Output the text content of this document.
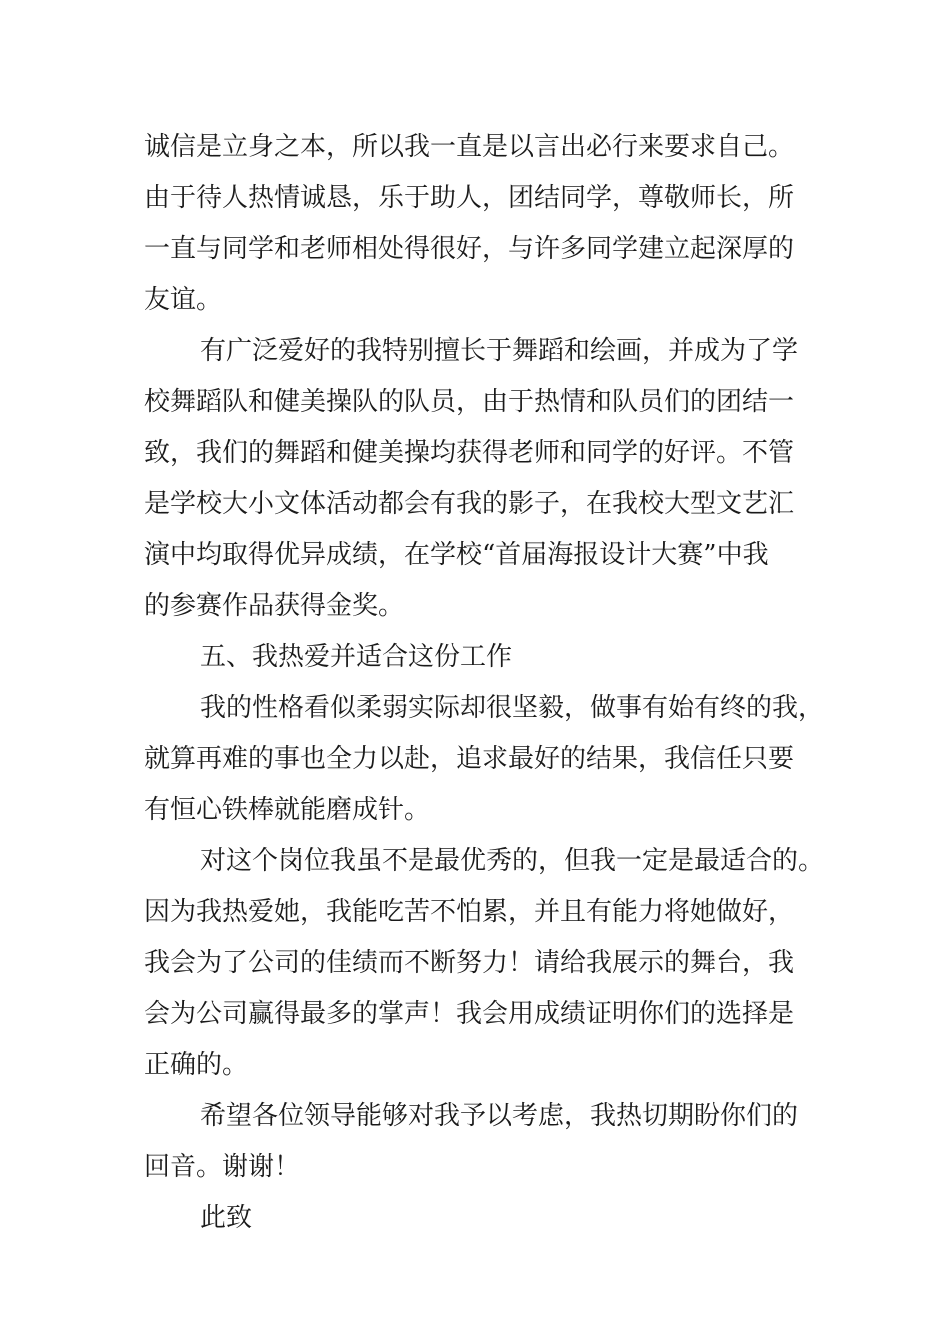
诚信是立身之本，所以我一直是以言出必行来要求自己。
由于待人热情诚恳，乐于助人，团结同学，尊敬师长，所
一直与同学和老师相处得很好，与许多同学建立起深厚的
友谊。
有广泛爱好的我特别擅长于舞蹈和绘画，并成为了学
校舞蹈队和健美操队的队员，由于热情和队员们的团结一
致，我们的舞蹈和健美操均获得老师和同学的好评。不管
是学校大小文体活动都会有我的影子，在我校大型文艺汇
演中均取得优异成绩，在学校“首届海报设计大赛”中我
的参赛作品获得金奖。
五、我热爱并适合这份工作
我的性格看似柔弱实际却很坚毅，做事有始有终的我，
就算再难的事也全力以赴，追求最好的结果，我信任只要
有恒心铁棒就能磨成针。
对这个岗位我虽不是最优秀的，但我一定是最适合的。
因为我热爱她，我能吃苦不怕累，并且有能力将她做好，
我会为了公司的佳绩而不断努力！请给我展示的舞台，我
会为公司赢得最多的掌声！我会用成绩证明你们的选择是
正确的。
希望各位领导能够对我予以考虑，我热切期盼你们的
回音。谢谢！
此致
